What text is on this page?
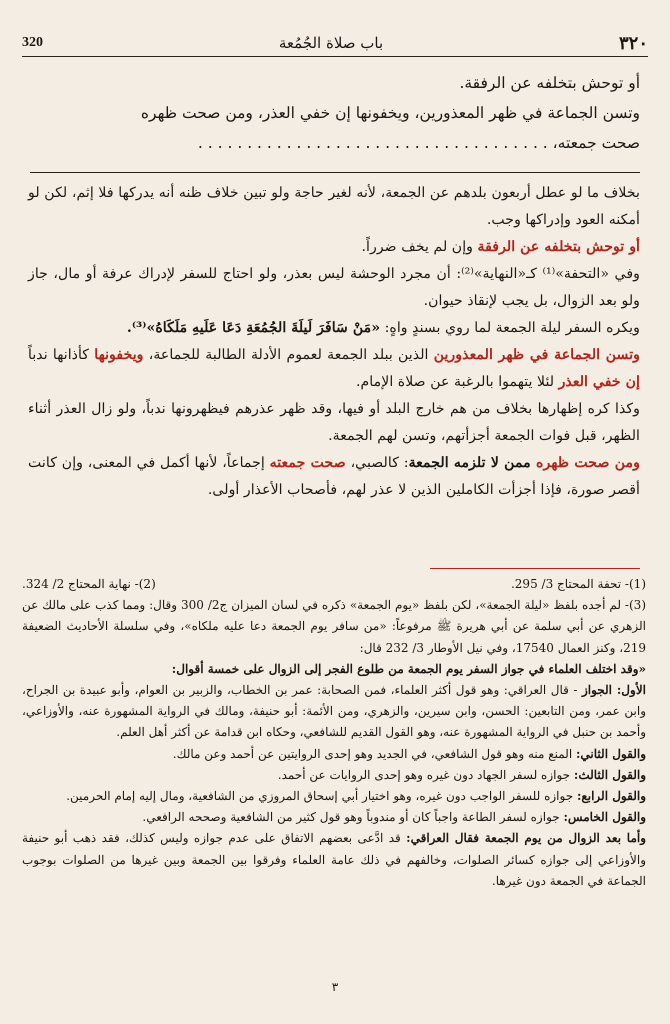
320	باب صلاة الجُمُعة	٣٢٠

أو توحش بتخلفه عن الرفقة.

وتسن الجماعة في ظهر المعذورين، ويخفونها إن خفي العذر، ومن صحت ظهره

صحت جمعته، . . . . . . . . . . . . . . . . . . . . . . . . . . . . . . . . . . . .

بخلاف ما لو عطل أربعون بلدهم عن الجمعة، لأنه لغير حاجة ولو تبين خلاف ظنه أنه يدركها فلا إثم، لكن لو أمكنه العود وإدراكها وجب.

أو توحش بتخلفه عن الرفقة وإن لم يخف ضرراً.

وفي «التحفة»⁽¹⁾ كـ«النهاية»⁽²⁾: أن مجرد الوحشة ليس بعذر، ولو احتاج للسفر لإدراك عرفة أو مال، جاز ولو بعد الزوال، بل يجب لإنقاذ حيوان.

ويكره السفر ليلة الجمعة لما روي بسندٍ واهٍ: «مَنْ سَافَرَ لَيلَةَ الجُمُعَةِ دَعَا عَلَيهِ مَلَكَاهُ»⁽³⁾.

وتسن الجماعة في ظهر المعذورين الذين ببلد الجمعة لعموم الأدلة الطالبة للجماعة، ويخفونها كأذانها ندباً إن خفي العذر لئلا يتهموا بالرغبة عن صلاة الإمام.

وكذا كره إظهارها بخلاف من هم خارج البلد أو فيها، وقد ظهر عذرهم فيظهرونها ندباً، ولو زال العذر أثناء الظهر، قبل فوات الجمعة أجزأتهم، وتسن لهم الجمعة.

ومن صحت ظهره ممن لا تلزمه الجمعة: كالصبي، صحت جمعته إجماعاً، لأنها أكمل في المعنى، وإن كانت أقصر صورة، فإذا أجزأت الكاملين الذين لا عذر لهم، فأصحاب الأعذار أولى.

(1)- تحفة المحتاج 3/ 295.
(2)- نهاية المحتاج 2/ 324.

(3)- لم أجده بلفظ «ليلة الجمعة»، لكن بلفظ «يوم الجمعة» ذكره في لسان الميزان ج2/ 300 وقال: ومما كذب على مالك عن الزهري عن أبي سلمة عن أبي هريرة ﷺ مرفوعاً: «من سافر يوم الجمعة دعا عليه ملكاه»، وفي سلسلة الأحاديث الضعيفة 219، وكنز العمال 17540، وفي نيل الأوطار 3/ 232 قال:

«وقد اختلف العلماء في جواز السفر يوم الجمعة من طلوع الفجر إلى الزوال على خمسة أقوال:

الأول: الجواز - قال العراقي: وهو قول أكثر العلماء، فمن الصحابة: عمر بن الخطاب، والزبير بن العوام، وأبو عبيدة بن الجراح، وابن عمر، ومن التابعين: الحسن، وابن سيرين، والزهري، ومن الأئمة: أبو حنيفة، ومالك في الرواية المشهورة عنه، والأوزاعي، وأحمد بن حنبل في الرواية المشهورة عنه، وهو القول القديم للشافعي، وحكاه ابن قدامة عن أكثر أهل العلم.

والقول الثاني: المنع منه وهو قول الشافعي، في الجديد وهو إحدى الروايتين عن أحمد وعن مالك.

والقول الثالث: جوازه لسفر الجهاد دون غيره وهو إحدى الروايات عن أحمد.

والقول الرابع: جوازه للسفر الواجب دون غيره، وهو اختيار أبي إسحاق المروزي من الشافعية، ومال إليه إمام الحرمين.

والقول الخامس: جوازه لسفر الطاعة واجباً كان أو مندوباً وهو قول كثير من الشافعية وصححه الرافعي.

وأما بعد الزوال من يوم الجمعة فقال العراقي: قد ادَّعى بعضهم الاتفاق على عدم جوازه وليس كذلك، فقد ذهب أبو حنيفة والأوزاعي إلى جوازه كسائر الصلوات، وخالفهم في ذلك عامة العلماء وفرقوا بين الجمعة وبين غيرها من الصلوات بوجوب الجماعة في الجمعة دون غيرها.

٣
